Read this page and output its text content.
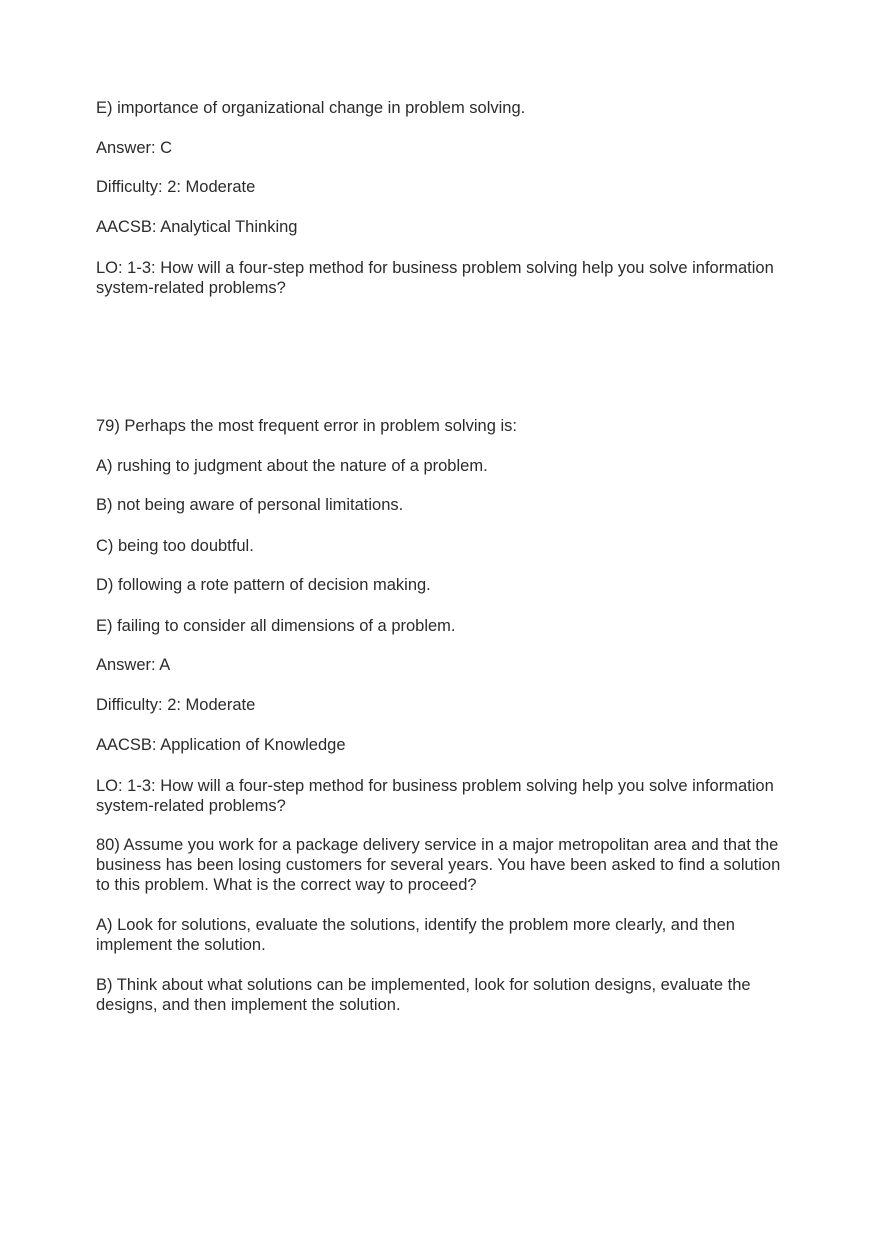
E) importance of organizational change in problem solving.

Answer: C

Difficulty: 2: Moderate

AACSB: Analytical Thinking

LO: 1-3: How will a four-step method for business problem solving help you solve information system-related problems?

79) Perhaps the most frequent error in problem solving is:

A) rushing to judgment about the nature of a problem.

B) not being aware of personal limitations.

C) being too doubtful.

D) following a rote pattern of decision making.

E) failing to consider all dimensions of a problem.

Answer: A

Difficulty: 2: Moderate

AACSB: Application of Knowledge

LO: 1-3: How will a four-step method for business problem solving help you solve information system-related problems?

80) Assume you work for a package delivery service in a major metropolitan area and that the business has been losing customers for several years. You have been asked to find a solution to this problem. What is the correct way to proceed?

A) Look for solutions, evaluate the solutions, identify the problem more clearly, and then implement the solution.

B) Think about what solutions can be implemented, look for solution designs, evaluate the designs, and then implement the solution.
